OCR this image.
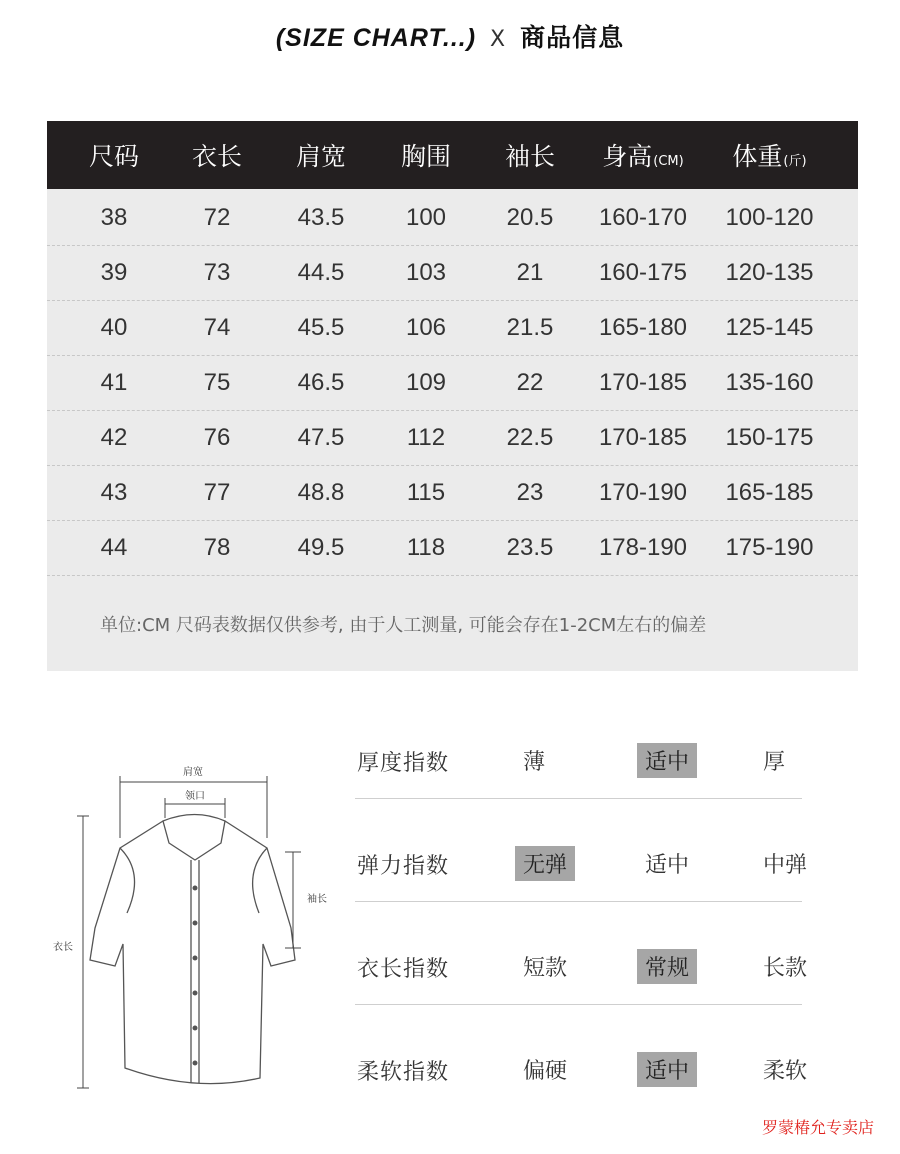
(SIZE CHART...) X 商品信息
尺码	衣长	肩宽	胸围	袖长	身高(CM)	体重(斤)
38	72	43.5	100	20.5	160-170	100-120
39	73	44.5	103	21	160-175	120-135
40	74	45.5	106	21.5	165-180	125-145
41	75	46.5	109	22	170-185	135-160
42	76	47.5	112	22.5	170-185	150-175
43	77	48.8	115	23	170-190	165-185
44	78	49.5	118	23.5	178-190	175-190
单位:CM 尺码表数据仅供参考, 由于人工测量, 可能会存在1-2CM左右的偏差
肩宽
领口
袖长
衣长
厚度指数	薄	适中	厚
弹力指数	无弹	适中	中弹
衣长指数	短款	常规	长款
柔软指数	偏硬	适中	柔软
罗蒙椿允专卖店
